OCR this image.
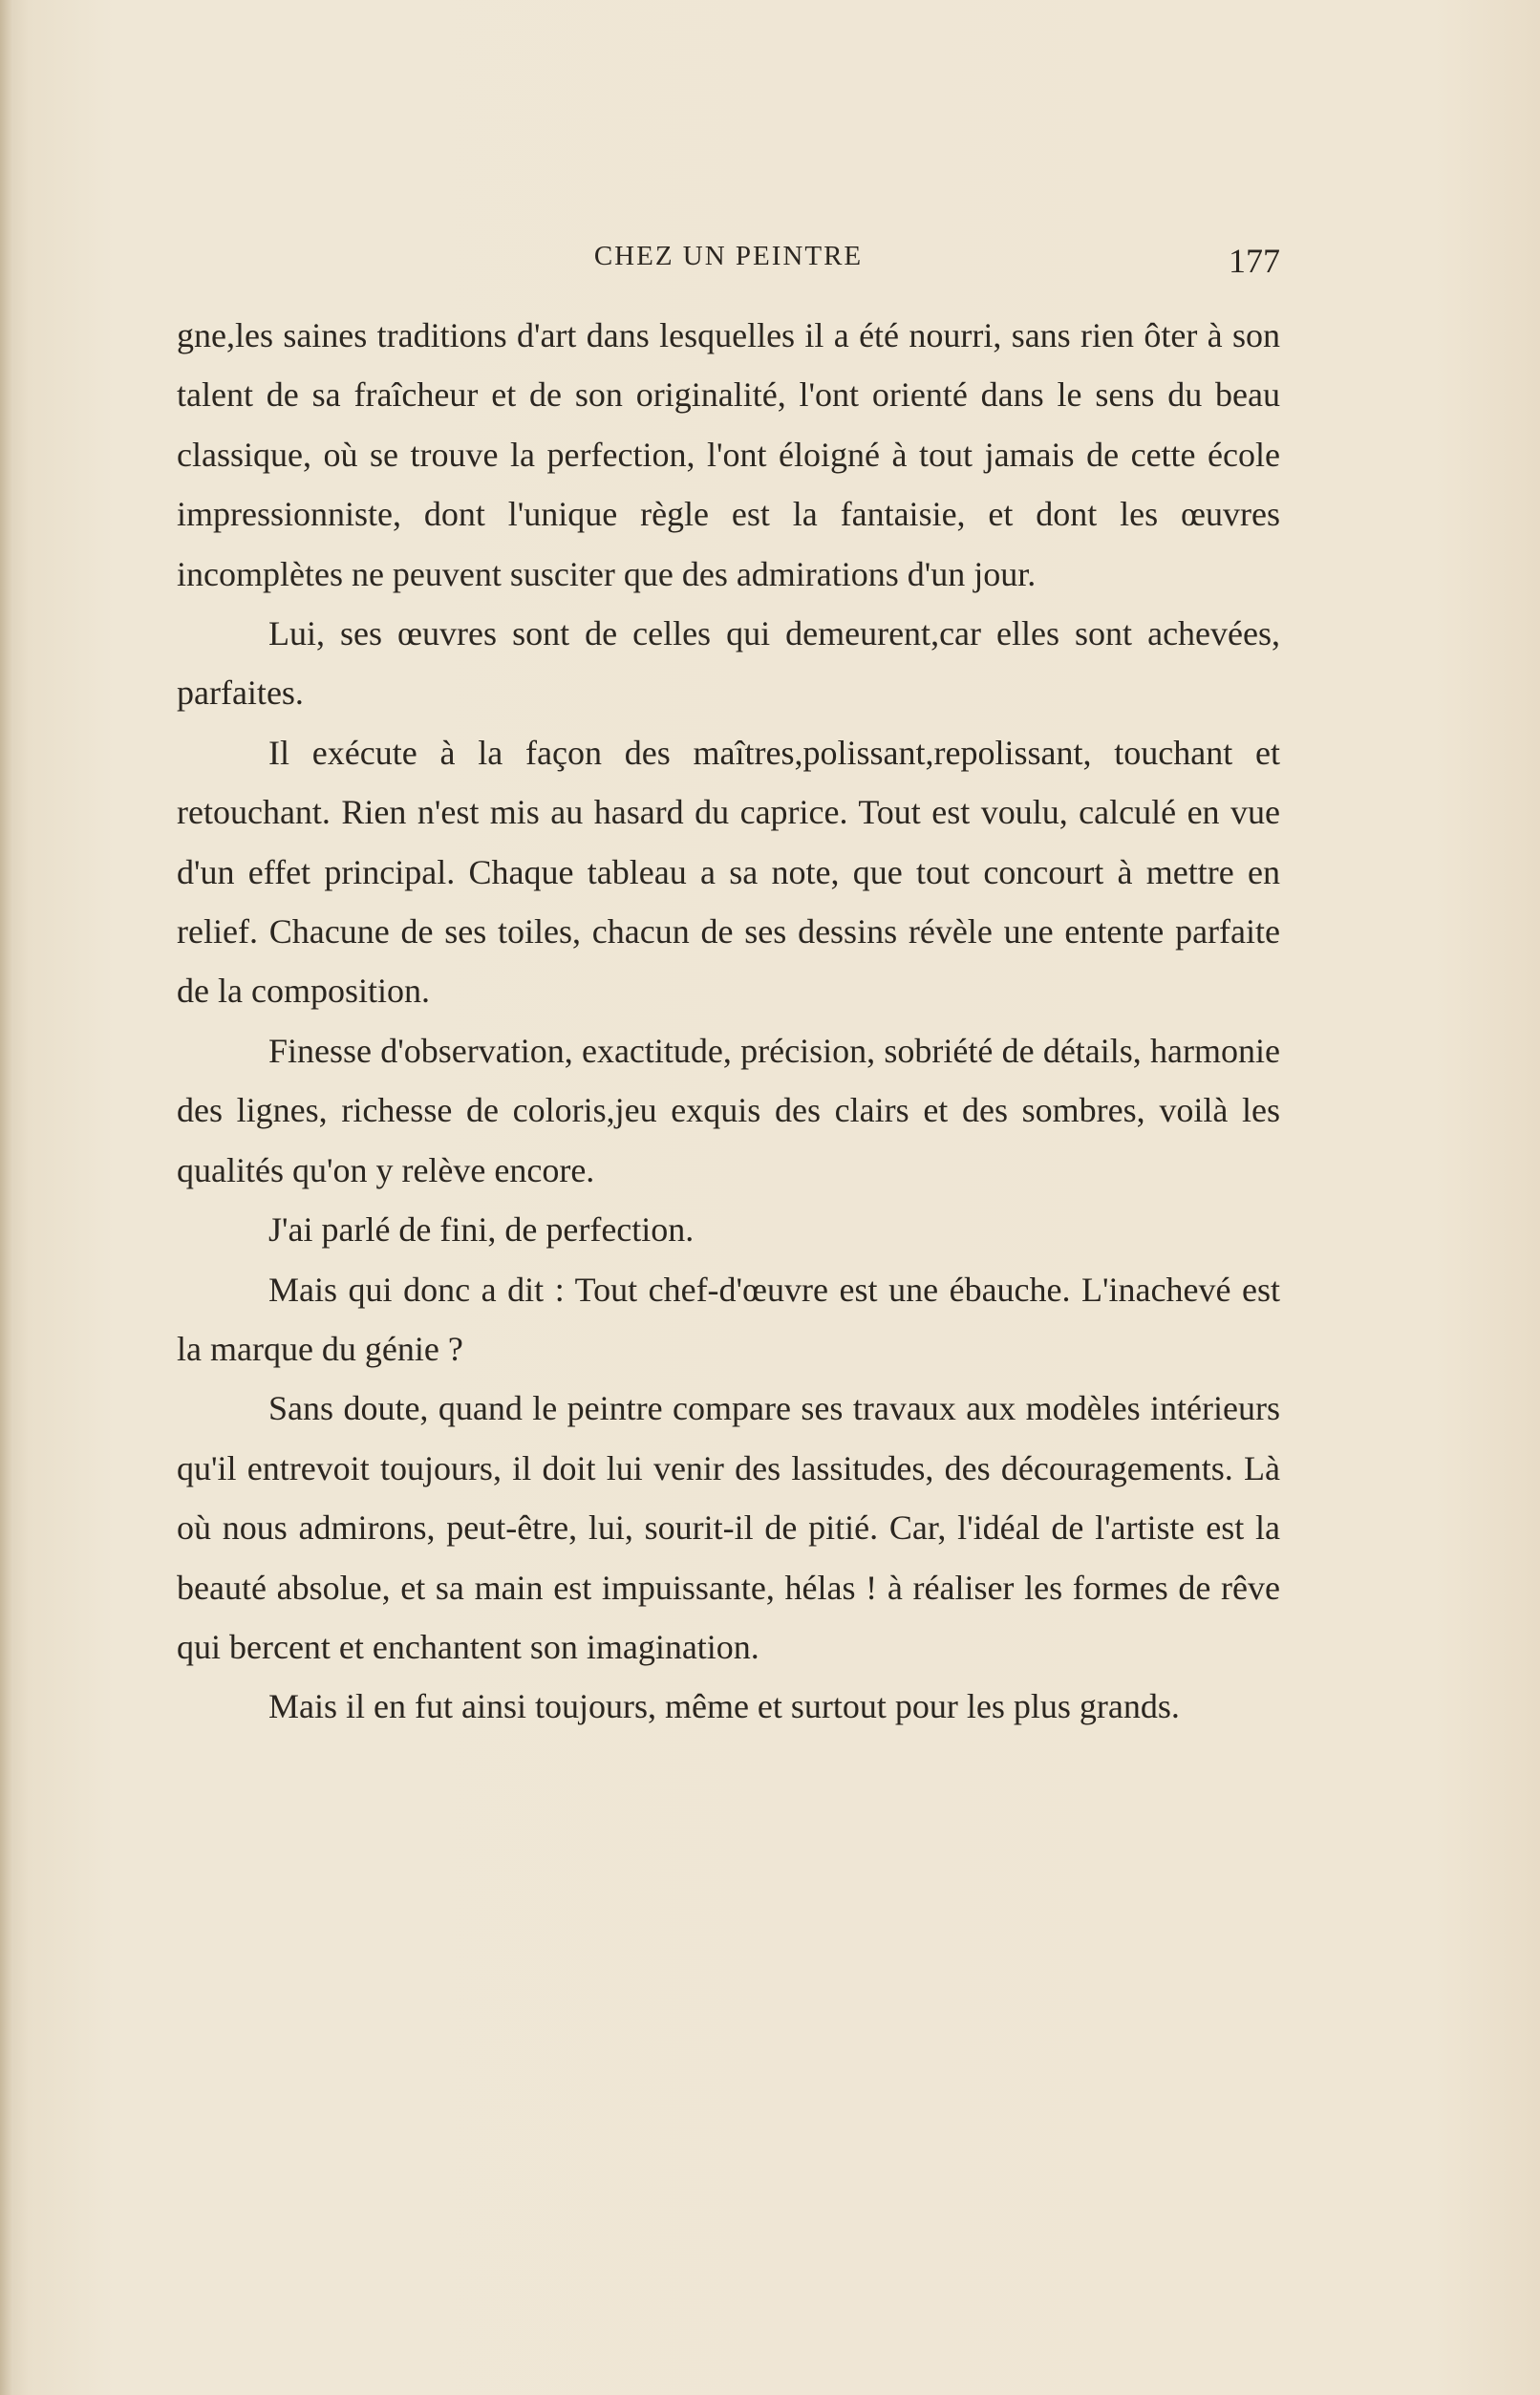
CHEZ UN PEINTRE	177

gne,les saines traditions d'art dans lesquelles il a été nourri, sans rien ôter à son talent de sa fraîcheur et de son originalité, l'ont orienté dans le sens du beau classique, où se trouve la perfection, l'ont éloigné à tout jamais de cette école impressionniste, dont l'unique règle est la fantaisie, et dont les œuvres incomplètes ne peuvent susciter que des admirations d'un jour.

Lui, ses œuvres sont de celles qui demeurent,car elles sont achevées, parfaites.

Il exécute à la façon des maîtres,polissant,repolissant, touchant et retouchant. Rien n'est mis au hasard du caprice. Tout est voulu, calculé en vue d'un effet principal. Chaque tableau a sa note, que tout concourt à mettre en relief. Chacune de ses toiles, chacun de ses dessins révèle une entente parfaite de la composition.

Finesse d'observation, exactitude, précision, sobriété de détails, harmonie des lignes, richesse de coloris,jeu exquis des clairs et des sombres, voilà les qualités qu'on y relève encore.

J'ai parlé de fini, de perfection.

Mais qui donc a dit : Tout chef-d'œuvre est une ébauche. L'inachevé est la marque du génie ?

Sans doute, quand le peintre compare ses travaux aux modèles intérieurs qu'il entrevoit toujours, il doit lui venir des lassitudes, des découragements. Là où nous admirons, peut-être, lui, sourit-il de pitié. Car, l'idéal de l'artiste est la beauté absolue, et sa main est impuissante, hélas ! à réaliser les formes de rêve qui bercent et enchantent son imagination.

Mais il en fut ainsi toujours, même et surtout pour les plus grands.
